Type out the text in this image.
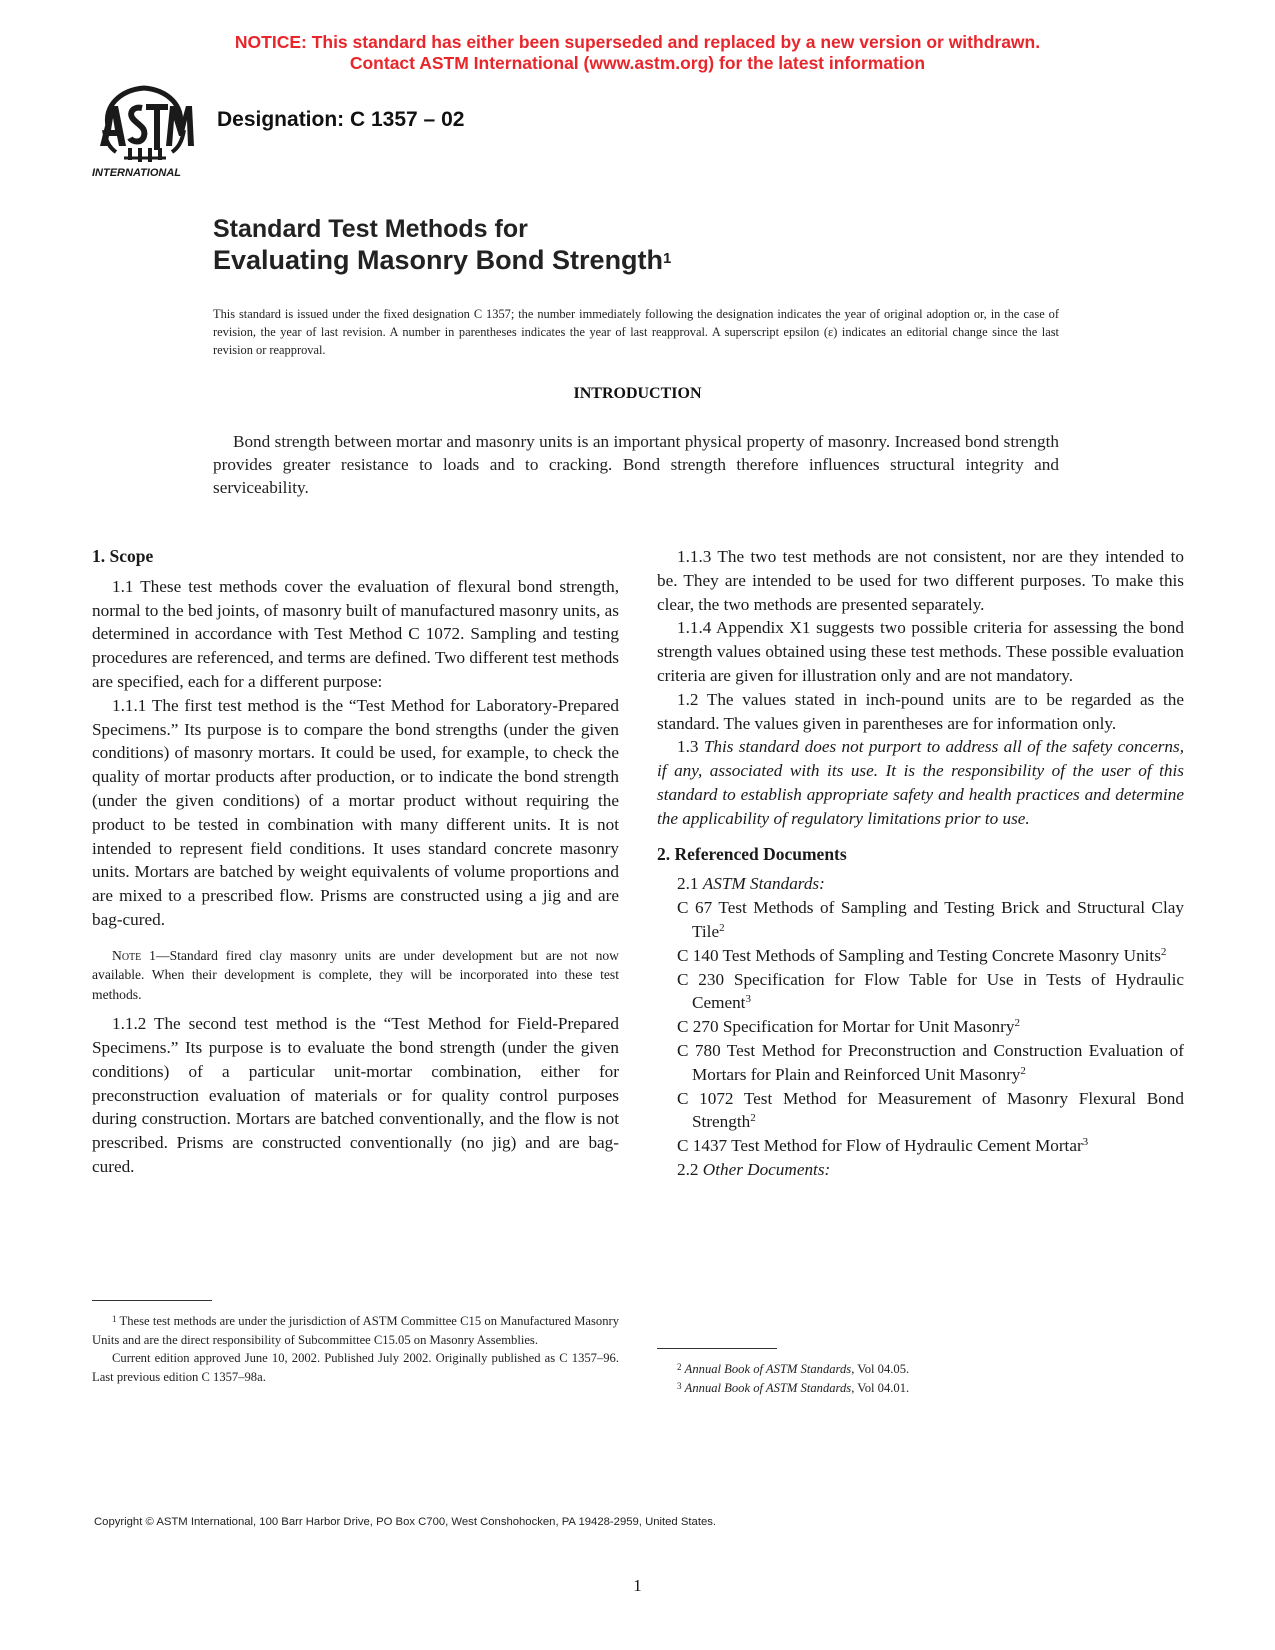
NOTICE: This standard has either been superseded and replaced by a new version or withdrawn.
Contact ASTM International (www.astm.org) for the latest information
INTERNATIONAL
Designation: C 1357 – 02
Standard Test Methods for
Evaluating Masonry Bond Strength$^1$
This standard is issued under the fixed designation C 1357; the number immediately following the designation indicates the year of original adoption or, in the case of revision, the year of last revision. A number in parentheses indicates the year of last reapproval. A superscript epsilon (ε) indicates an editorial change since the last revision or reapproval.
INTRODUCTION

Bond strength between mortar and masonry units is an important physical property of masonry. Increased bond strength provides greater resistance to loads and to cracking. Bond strength therefore influences structural integrity and serviceability.

1. Scope

1.1 These test methods cover the evaluation of flexural bond strength, normal to the bed joints, of masonry built of manufactured masonry units, as determined in accordance with Test Method C 1072. Sampling and testing procedures are referenced, and terms are defined. Two different test methods are specified, each for a different purpose:

1.1.1 The first test method is the “Test Method for Laboratory-Prepared Specimens.” Its purpose is to compare the bond strengths (under the given conditions) of masonry mortars. It could be used, for example, to check the quality of mortar products after production, or to indicate the bond strength (under the given conditions) of a mortar product without requiring the product to be tested in combination with many different units. It is not intended to represent field conditions. It uses standard concrete masonry units. Mortars are batched by weight equivalents of volume proportions and are mixed to a prescribed flow. Prisms are constructed using a jig and are bag-cured.

Note 1—Standard fired clay masonry units are under development but are not now available. When their development is complete, they will be incorporated into these test methods.

1.1.2 The second test method is the “Test Method for Field-Prepared Specimens.” Its purpose is to evaluate the bond strength (under the given conditions) of a particular unit-mortar combination, either for preconstruction evaluation of materials or for quality control purposes during construction. Mortars are batched conventionally, and the flow is not prescribed. Prisms are constructed conventionally (no jig) and are bag-cured.

1.1.3 The two test methods are not consistent, nor are they intended to be. They are intended to be used for two different purposes. To make this clear, the two methods are presented separately.

1.1.4 Appendix X1 suggests two possible criteria for assessing the bond strength values obtained using these test methods. These possible evaluation criteria are given for illustration only and are not mandatory.

1.2 The values stated in inch-pound units are to be regarded as the standard. The values given in parentheses are for information only.

1.3 This standard does not purport to address all of the safety concerns, if any, associated with its use. It is the responsibility of the user of this standard to establish appropriate safety and health practices and determine the applicability of regulatory limitations prior to use.

2. Referenced Documents

2.1 ASTM Standards:

C 67 Test Methods of Sampling and Testing Brick and Structural Clay Tile$^2$

C 140 Test Methods of Sampling and Testing Concrete Masonry Units$^2$

C 230 Specification for Flow Table for Use in Tests of Hydraulic Cement$^3$

C 270 Specification for Mortar for Unit Masonry$^2$

C 780 Test Method for Preconstruction and Construction Evaluation of Mortars for Plain and Reinforced Unit Masonry$^2$

C 1072 Test Method for Measurement of Masonry Flexural Bond Strength$^2$

C 1437 Test Method for Flow of Hydraulic Cement Mortar$^3$

2.2 Other Documents:

$^1$ These test methods are under the jurisdiction of ASTM Committee C15 on Manufactured Masonry Units and are the direct responsibility of Subcommittee C15.05 on Masonry Assemblies.

Current edition approved June 10, 2002. Published July 2002. Originally published as C 1357–96. Last previous edition C 1357–98a.

$^2$ Annual Book of ASTM Standards, Vol 04.05.

$^3$ Annual Book of ASTM Standards, Vol 04.01.

Copyright © ASTM International, 100 Barr Harbor Drive, PO Box C700, West Conshohocken, PA 19428-2959, United States.
1
